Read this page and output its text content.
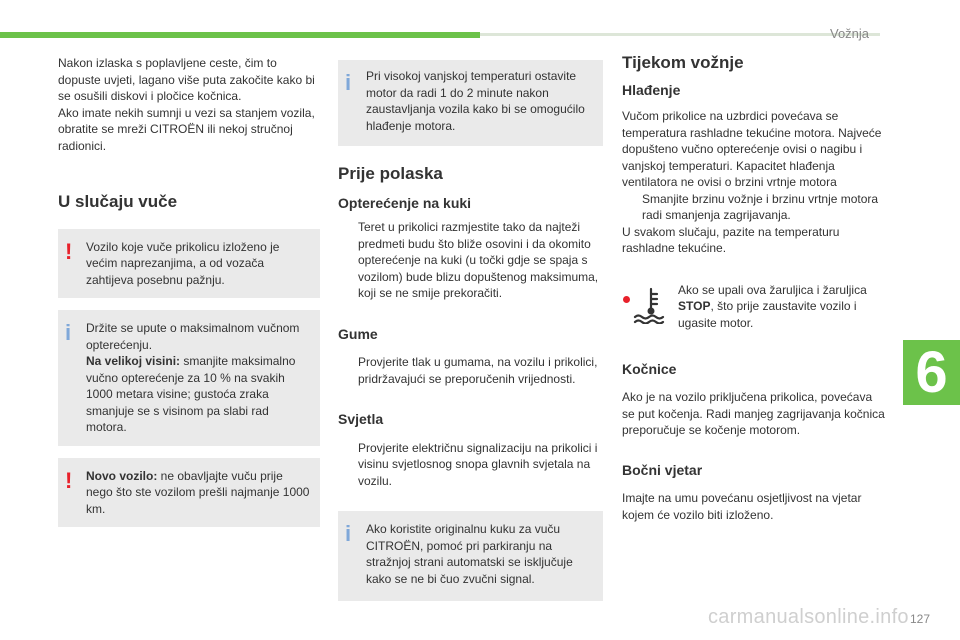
Vožnja
6
127
carmanualsonline.info

Nakon izlaska s poplavljene ceste, čim to dopuste uvjeti, lagano više puta zakočite kako bi se osušili diskovi i pločice kočnica.

Ako imate nekih sumnji u vezi sa stanjem vozila, obratite se mreži CITROËN ili nekoj stručnoj radionici.

U slučaju vuče
! Vozilo koje vuče prikolicu izloženo je većim naprezanjima, a od vozača zahtijeva posebnu pažnju.

i Držite se upute o maksimalnom vučnom opterećenju.

Na velikoj visini: smanjite maksimalno vučno opterećenje za 10 % na svakih 1000 metara visine; gustoća zraka smanjuje se s visinom pa slabi rad motora.

! Novo vozilo: ne obavljajte vuču prije nego što ste vozilom prešli najmanje 1000 km.

i Pri visokoj vanjskoj temperaturi ostavite motor da radi 1 do 2 minute nakon zaustavljanja vozila kako bi se omogućilo hlađenje motora.

Prije polaska
Opterećenje na kuki

Teret u prikolici razmjestite tako da najteži predmeti budu što bliže osovini i da okomito opterećenje na kuki (u točki gdje se spaja s vozilom) bude blizu dopuštenog maksimuma, koji se ne smije prekoračiti.

Gume

Provjerite tlak u gumama, na vozilu i prikolici, pridržavajući se preporučenih vrijednosti.

Svjetla

Provjerite električnu signalizaciju na prikolici i visinu svjetlosnog snopa glavnih svjetala na vozilu.

i Ako koristite originalnu kuku za vuču CITROËN, pomoć pri parkiranju na stražnjoj strani automatski se isključuje kako se ne bi čuo zvučni signal.

Tijekom vožnje
Hlađenje

Vučom prikolice na uzbrdici povećava se temperatura rashladne tekućine motora. Najveće dopušteno vučno opterećenje ovisi o nagibu i vanjskoj temperaturi. Kapacitet hlađenja ventilatora ne ovisi o brzini vrtnje motora

Smanjite brzinu vožnje i brzinu vrtnje motora radi smanjenja zagrijavanja.

U svakom slučaju, pazite na temperaturu rashladne tekućine.

Ako se upali ova žaruljica i žaruljica STOP, što prije zaustavite vozilo i ugasite motor.

Kočnice

Ako je na vozilo priključena prikolica, povećava se put kočenja. Radi manjeg zagrijavanja kočnica preporučuje se kočenje motorom.

Bočni vjetar

Imajte na umu povećanu osjetljivost na vjetar kojem će vozilo biti izloženo.
